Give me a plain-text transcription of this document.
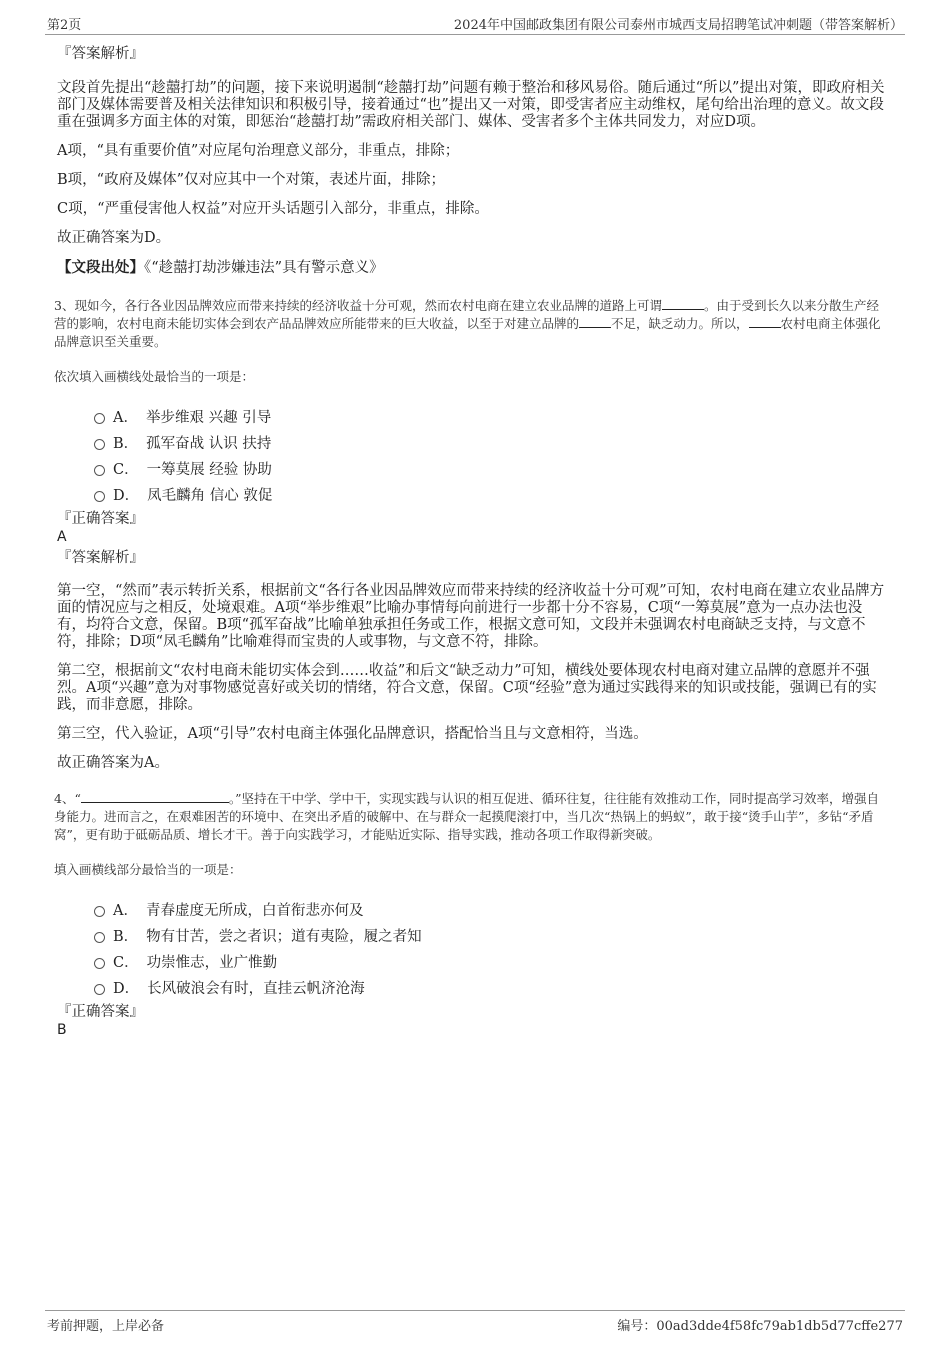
第2页	2024年中国邮政集团有限公司泰州市城西支局招聘笔试冲刺题（带答案解析）

『答案解析』

文段首先提出“趁囍打劫”的问题，接下来说明遏制“趁囍打劫”问题有赖于整治和移风易俗。随后通过“所以”提出对策，即政府相关部门及媒体需要普及相关法律知识和积极引导，接着通过“也”提出又一对策，即受害者应主动维权，尾句给出治理的意义。故文段重在强调多方面主体的对策，即惩治“趁囍打劫”需政府相关部门、媒体、受害者多个主体共同发力，对应D项。

A项，“具有重要价值”对应尾句治理意义部分，非重点，排除；

B项，“政府及媒体”仅对应其中一个对策，表述片面，排除；

C项，“严重侵害他人权益”对应开头话题引入部分，非重点，排除。

故正确答案为D。

【文段出处】《“趁囍打劫涉嫌违法”具有警示意义》

3、现如今，各行各业因品牌效应而带来持续的经济收益十分可观，然而农村电商在建立农业品牌的道路上可谓	。由于受到长久以来分散生产经营的影响，农村电商未能切实体会到农产品品牌效应所能带来的巨大收益，以至于对建立品牌的	不足，缺乏动力。所以，	农村电商主体强化品牌意识至关重要。

依次填入画横线处最恰当的一项是：

A． 举步维艰 兴趣 引导
B． 孤军奋战 认识 扶持
C． 一筹莫展 经验 协助
D． 凤毛麟角 信心 敦促

『正确答案』

A

『答案解析』

第一空，“然而”表示转折关系，根据前文“各行各业因品牌效应而带来持续的经济收益十分可观”可知，农村电商在建立农业品牌方面的情况应与之相反，处境艰难。A项“举步维艰”比喻办事情每向前进行一步都十分不容易，C项“一筹莫展”意为一点办法也没有，均符合文意，保留。B项“孤军奋战”比喻单独承担任务或工作，根据文意可知，文段并未强调农村电商缺乏支持，与文意不符，排除；D项“凤毛麟角”比喻难得而宝贵的人或事物，与文意不符，排除。

第二空，根据前文“农村电商未能切实体会到……收益”和后文“缺乏动力”可知，横线处要体现农村电商对建立品牌的意愿并不强烈。A项“兴趣”意为对事物感觉喜好或关切的情绪，符合文意，保留。C项“经验”意为通过实践得来的知识或技能，强调已有的实践，而非意愿，排除。

第三空，代入验证，A项“引导”农村电商主体强化品牌意识，搭配恰当且与文意相符，当选。

故正确答案为A。

4、“	。”坚持在干中学、学中干，实现实践与认识的相互促进、循环往复，往往能有效推动工作，同时提高学习效率，增强自身能力。进而言之，在艰难困苦的环境中、在突出矛盾的破解中、在与群众一起摸爬滚打中，当几次“热锅上的蚂蚁”，敢于接“烫手山芋”，多钻“矛盾窝”，更有助于砥砺品质、增长才干。善于向实践学习，才能贴近实际、指导实践，推动各项工作取得新突破。

填入画横线部分最恰当的一项是：

A． 青春虚度无所成，白首衔悲亦何及
B． 物有甘苦，尝之者识；道有夷险，履之者知
C． 功崇惟志，业广惟勤
D． 长风破浪会有时，直挂云帆济沧海

『正确答案』

B

考前押题，上岸必备	编号：00ad3dde4f58fc79ab1db5d77cffe277
